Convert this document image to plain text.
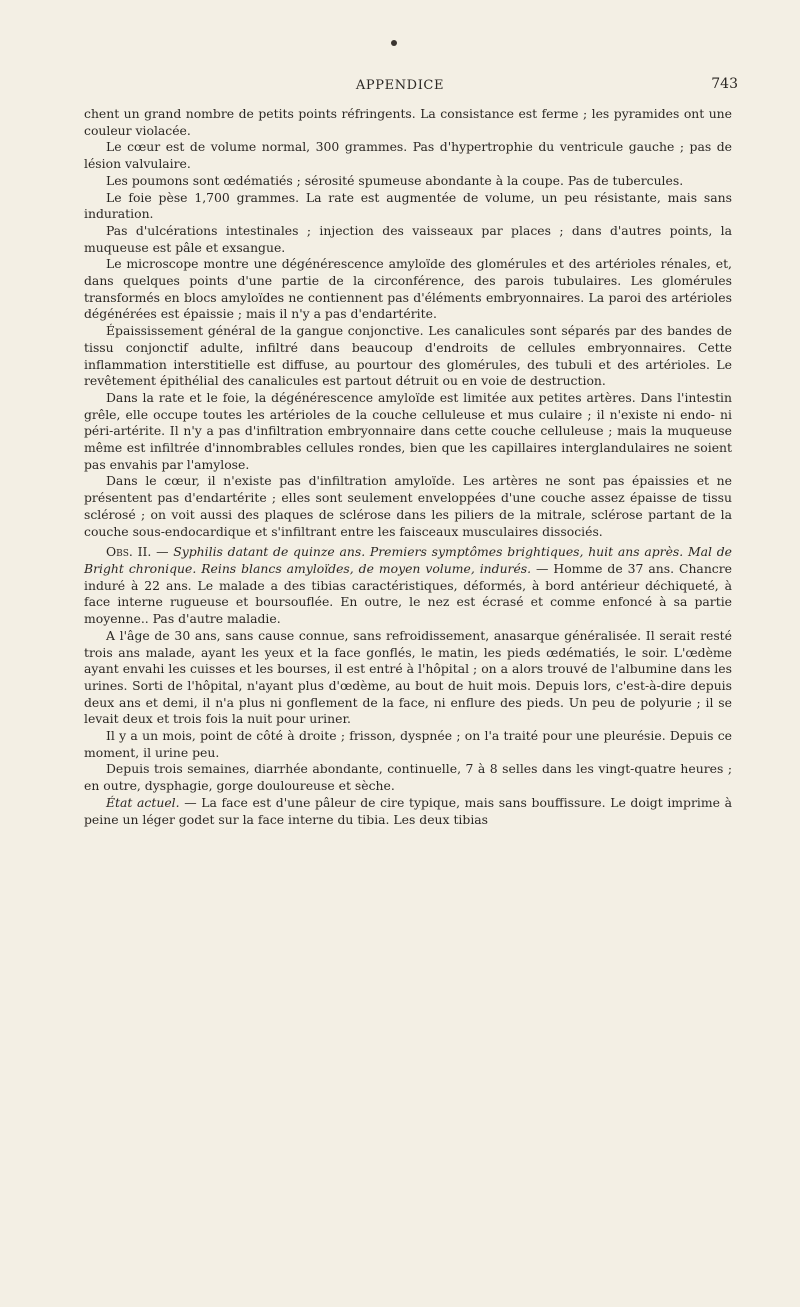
APPENDICE	743

chent un grand nombre de petits points réfringents. La consistance est ferme ; les pyramides ont une couleur violacée.

Le cœur est de volume normal, 300 grammes. Pas d'hypertrophie du ventricule gauche ; pas de lésion valvulaire.

Les poumons sont œdématiés ; sérosité spumeuse abondante à la coupe. Pas de tubercules.

Le foie pèse 1,700 grammes. La rate est augmentée de volume, un peu résistante, mais sans induration.

Pas d'ulcérations intestinales ; injection des vaisseaux par places ; dans d'autres points, la muqueuse est pâle et exsangue.

Le microscope montre une dégénérescence amyloïde des glomérules et des artérioles rénales, et, dans quelques points d'une partie de la circonférence, des parois tubulaires. Les glomérules transformés en blocs amyloïdes ne contiennent pas d'éléments embryonnaires. La paroi des artérioles dégénérées est épaissie ; mais il n'y a pas d'endartérite.

Épaississement général de la gangue conjonctive. Les canalicules sont séparés par des bandes de tissu conjonctif adulte, infiltré dans beaucoup d'endroits de cellules embryonnaires. Cette inflammation interstitielle est diffuse, au pourtour des glomérules, des tubuli et des artérioles. Le revêtement épithélial des canalicules est partout détruit ou en voie de destruction.

Dans la rate et le foie, la dégénérescence amyloïde est limitée aux petites artères. Dans l'intestin grêle, elle occupe toutes les artérioles de la couche celluleuse et mus culaire ; il n'existe ni endo- ni péri-artérite. Il n'y a pas d'infiltration embryonnaire dans cette couche celluleuse ; mais la muqueuse même est infiltrée d'innombrables cellules rondes, bien que les capillaires interglandulaires ne soient pas envahis par l'amylose.

Dans le cœur, il n'existe pas d'infiltration amyloïde. Les artères ne sont pas épaissies et ne présentent pas d'endartérite ; elles sont seulement enveloppées d'une couche assez épaisse de tissu sclérosé ; on voit aussi des plaques de sclérose dans les piliers de la mitrale, sclérose partant de la couche sous-endocardique et s'infiltrant entre les faisceaux musculaires dissociés.

Obs. II. — Syphilis datant de quinze ans. Premiers symptômes brightiques, huit ans après. Mal de Bright chronique. Reins blancs amyloïdes, de moyen volume, indurés. — Homme de 37 ans. Chancre induré à 22 ans. Le malade a des tibias caractéristiques, déformés, à bord antérieur déchiqueté, à face interne rugueuse et boursouflée. En outre, le nez est écrasé et comme enfoncé à sa partie moyenne.. Pas d'autre maladie.

A l'âge de 30 ans, sans cause connue, sans refroidissement, anasarque généralisée. Il serait resté trois ans malade, ayant les yeux et la face gonflés, le matin, les pieds œdématiés, le soir. L'œdème ayant envahi les cuisses et les bourses, il est entré à l'hôpital ; on a alors trouvé de l'albumine dans les urines. Sorti de l'hôpital, n'ayant plus d'œdème, au bout de huit mois. Depuis lors, c'est-à-dire depuis deux ans et demi, il n'a plus ni gonflement de la face, ni enflure des pieds. Un peu de polyurie ; il se levait deux et trois fois la nuit pour uriner.

Il y a un mois, point de côté à droite ; frisson, dyspnée ; on l'a traité pour une pleurésie. Depuis ce moment, il urine peu.

Depuis trois semaines, diarrhée abondante, continuelle, 7 à 8 selles dans les vingt-quatre heures ; en outre, dysphagie, gorge douloureuse et sèche.

État actuel. — La face est d'une pâleur de cire typique, mais sans bouffissure. Le doigt imprime à peine un léger godet sur la face interne du tibia. Les deux tibias
